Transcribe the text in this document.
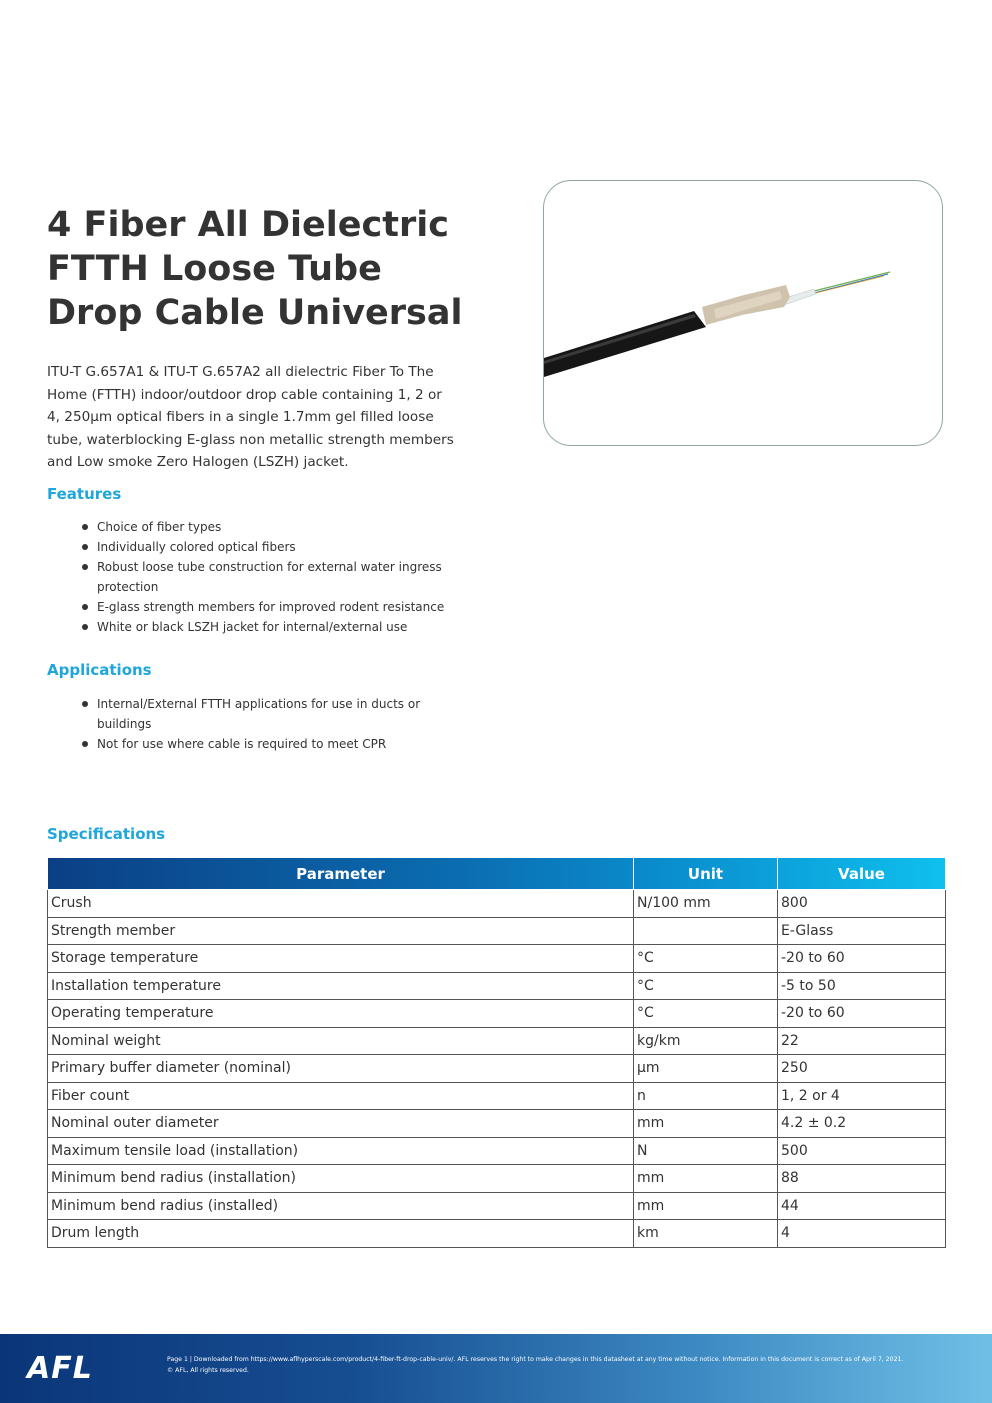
4 Fiber All Dielectric FTTH Loose Tube Drop Cable Universal

ITU-T G.657A1 & ITU-T G.657A2 all dielectric Fiber To The Home (FTTH) indoor/outdoor drop cable containing 1, 2 or 4, 250µm optical fibers in a single 1.7mm gel filled loose tube, waterblocking E-glass non metallic strength members and Low smoke Zero Halogen (LSZH) jacket.

Features
Choice of fiber types
Individually colored optical fibers
Robust loose tube construction for external water ingress protection
E-glass strength members for improved rodent resistance
White or black LSZH jacket for internal/external use
Applications
Internal/External FTTH applications for use in ducts or buildings
Not for use where cable is required to meet CPR
Specifications
Parameter	Unit	Value
Crush	N/100 mm	800
Strength member		E-Glass
Storage temperature	°C	-20 to 60
Installation temperature	°C	-5 to 50
Operating temperature	°C	-20 to 60
Nominal weight	kg/km	22
Primary buffer diameter (nominal)	µm	250
Fiber count	n	1, 2 or 4
Nominal outer diameter	mm	4.2 ± 0.2
Maximum tensile load (installation)	N	500
Minimum bend radius (installation)	mm	88
Minimum bend radius (installed)	mm	44
Drum length	km	4
AFL	Page 1 | Downloaded from https://www.aflhyperscale.com/product/4-fiber-ft-drop-cable-univ/. AFL reserves the right to make changes in this datasheet at any time without notice. Information in this document is correct as of April 7, 2021.
© AFL, All rights reserved.
